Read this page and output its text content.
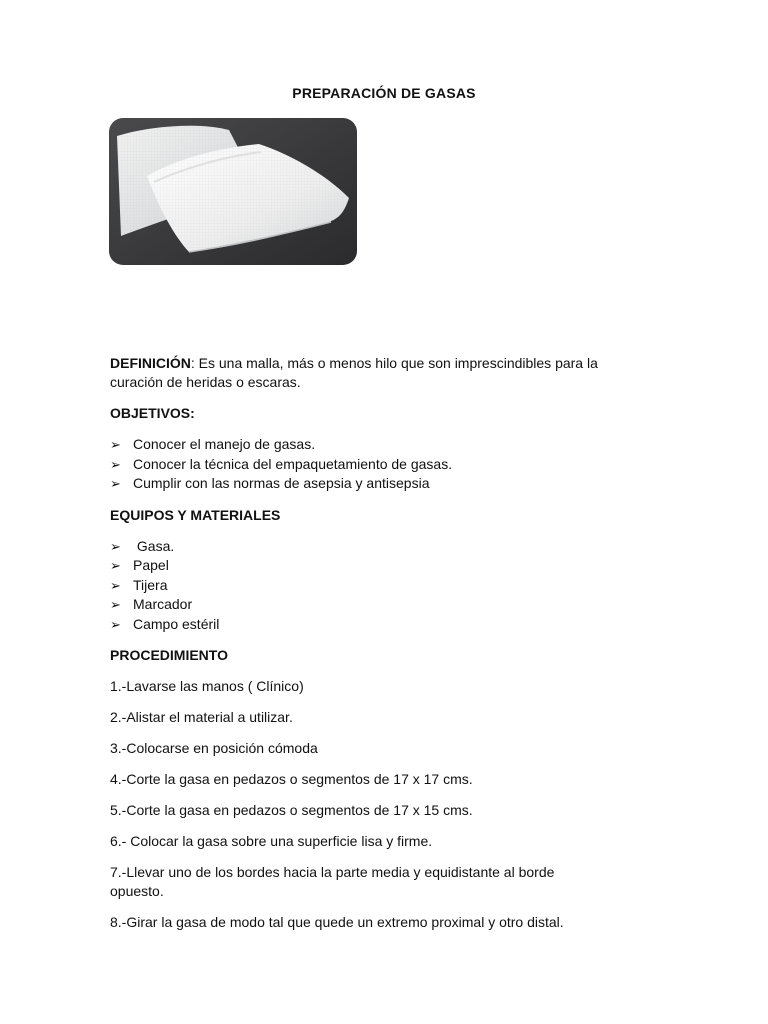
PREPARACIÓN DE GASAS

DEFINICIÓN: Es una malla, más o menos hilo que son imprescindibles para la
curación de heridas o escaras.

OBJETIVOS:

➢ Conocer el manejo de gasas.
➢ Conocer la técnica del empaquetamiento de gasas.
➢ Cumplir con las normas de asepsia y antisepsia

EQUIPOS Y MATERIALES

➢ Gasa.
➢ Papel
➢ Tijera
➢ Marcador
➢ Campo estéril

PROCEDIMIENTO

1.-Lavarse las manos ( Clínico)

2.-Alistar el material a utilizar.

3.-Colocarse en posición cómoda

4.-Corte la gasa en pedazos o segmentos de 17 x 17 cms.

5.-Corte la gasa en pedazos o segmentos de 17 x 15 cms.

6.- Colocar la gasa sobre una superficie lisa y firme.

7.-Llevar uno de los bordes hacia la parte media y equidistante al borde
opuesto.

8.-Girar la gasa de modo tal que quede un extremo proximal y otro distal.
